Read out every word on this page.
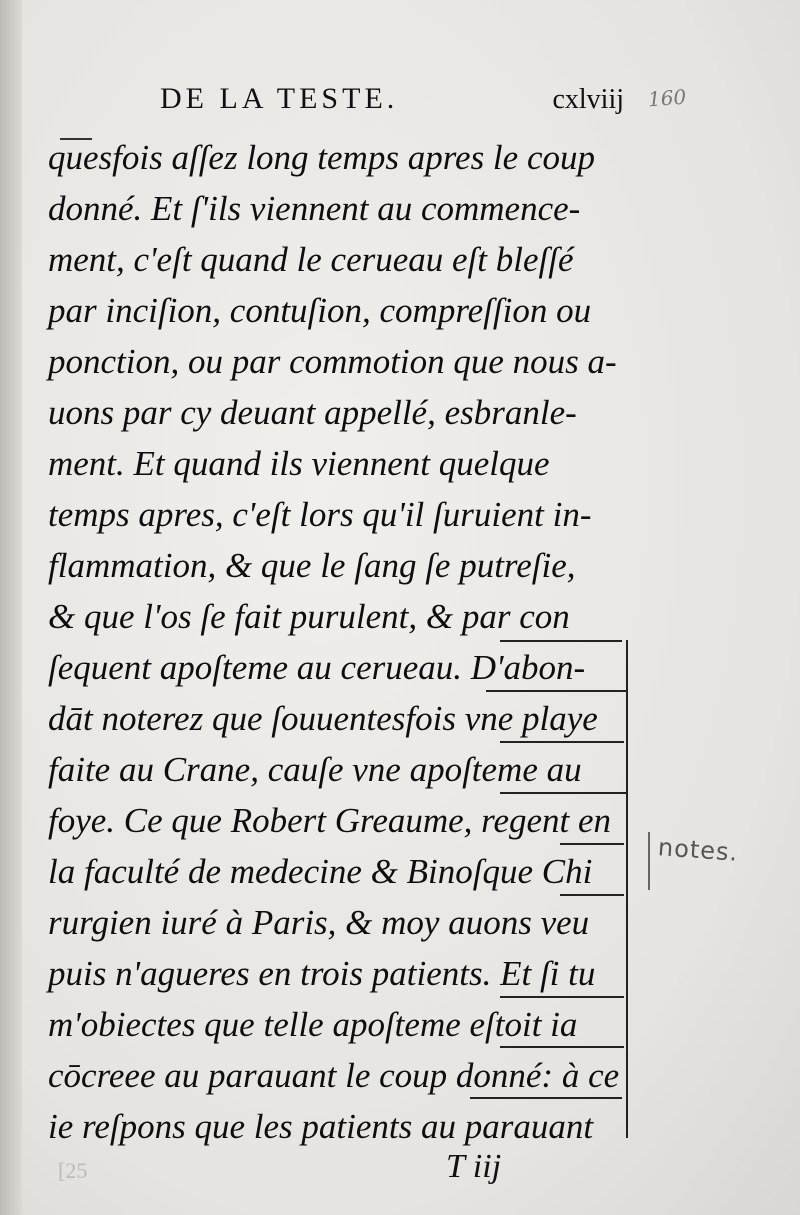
DE LA TESTE.	cxlviij 160
quesfois aſſez long temps apres le coup
donné. Et ſ'ils viennent au commence-
ment, c'eſt quand le cerueau eſt bleſſé
par inciſion, contuſion, compreſſion ou
ponction, ou par commotion que nous a-
uons par cy deuant appellé, esbranle-
ment. Et quand ils viennent quelque
temps apres, c'eſt lors qu'il ſuruient in-
flammation, & que le ſang ſe putreſie,
& que l'os ſe fait purulent, & par con
ſequent apoſteme au cerueau. D'abon-
dāt noterez que ſouuentesfois vne playe
faite au Crane, cauſe vne apoſteme au
foye. Ce que Robert Greaume, regent en
la faculté de medecine & Binoſque Chi
rurgien iuré à Paris, & moy auons veu
puis n'agueres en trois patients. Et ſi tu
m'obiectes que telle apoſteme eſtoit ia
cōcreee au parauant le coup donné: à ce
ie reſpons que les patients au parauant
notes.
T iij
[25
